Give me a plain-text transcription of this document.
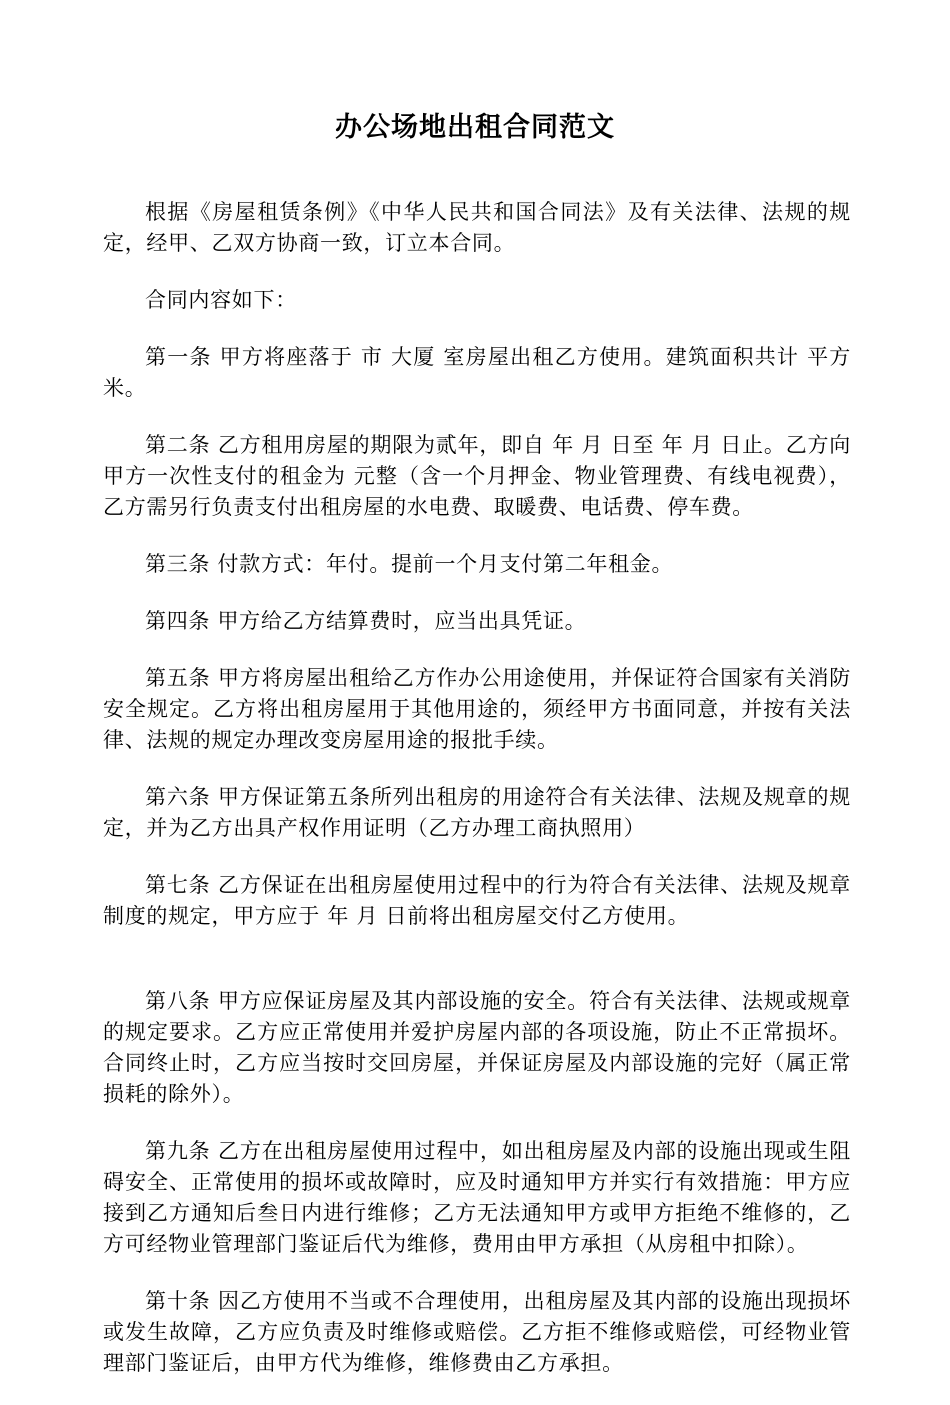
办公场地出租合同范文

根据《房屋租赁条例》《中华人民共和国合同法》及有关法律、法规的规定，经甲、乙双方协商一致，订立本合同。

合同内容如下：

第一条 甲方将座落于 市 大厦 室房屋出租乙方使用。建筑面积共计 平方米。

第二条 乙方租用房屋的期限为贰年，即自 年 月 日至 年 月 日止。乙方向甲方一次性支付的租金为 元整（含一个月押金、物业管理费、有线电视费），乙方需另行负责支付出租房屋的水电费、取暖费、电话费、停车费。

第三条 付款方式：年付。提前一个月支付第二年租金。

第四条 甲方给乙方结算费时，应当出具凭证。

第五条 甲方将房屋出租给乙方作办公用途使用，并保证符合国家有关消防安全规定。乙方将出租房屋用于其他用途的，须经甲方书面同意，并按有关法律、法规的规定办理改变房屋用途的报批手续。

第六条 甲方保证第五条所列出租房的用途符合有关法律、法规及规章的规定，并为乙方出具产权作用证明（乙方办理工商执照用）

第七条 乙方保证在出租房屋使用过程中的行为符合有关法律、法规及规章制度的规定，甲方应于 年 月 日前将出租房屋交付乙方使用。

第八条 甲方应保证房屋及其内部设施的安全。符合有关法律、法规或规章的规定要求。乙方应正常使用并爱护房屋内部的各项设施，防止不正常损坏。合同终止时，乙方应当按时交回房屋，并保证房屋及内部设施的完好（属正常损耗的除外）。

第九条 乙方在出租房屋使用过程中，如出租房屋及内部的设施出现或生阻碍安全、正常使用的损坏或故障时，应及时通知甲方并实行有效措施：甲方应接到乙方通知后叁日内进行维修；乙方无法通知甲方或甲方拒绝不维修的，乙方可经物业管理部门鉴证后代为维修，费用由甲方承担（从房租中扣除）。

第十条 因乙方使用不当或不合理使用，出租房屋及其内部的设施出现损坏或发生故障，乙方应负责及时维修或赔偿。乙方拒不维修或赔偿，可经物业管理部门鉴证后，由甲方代为维修，维修费由乙方承担。
